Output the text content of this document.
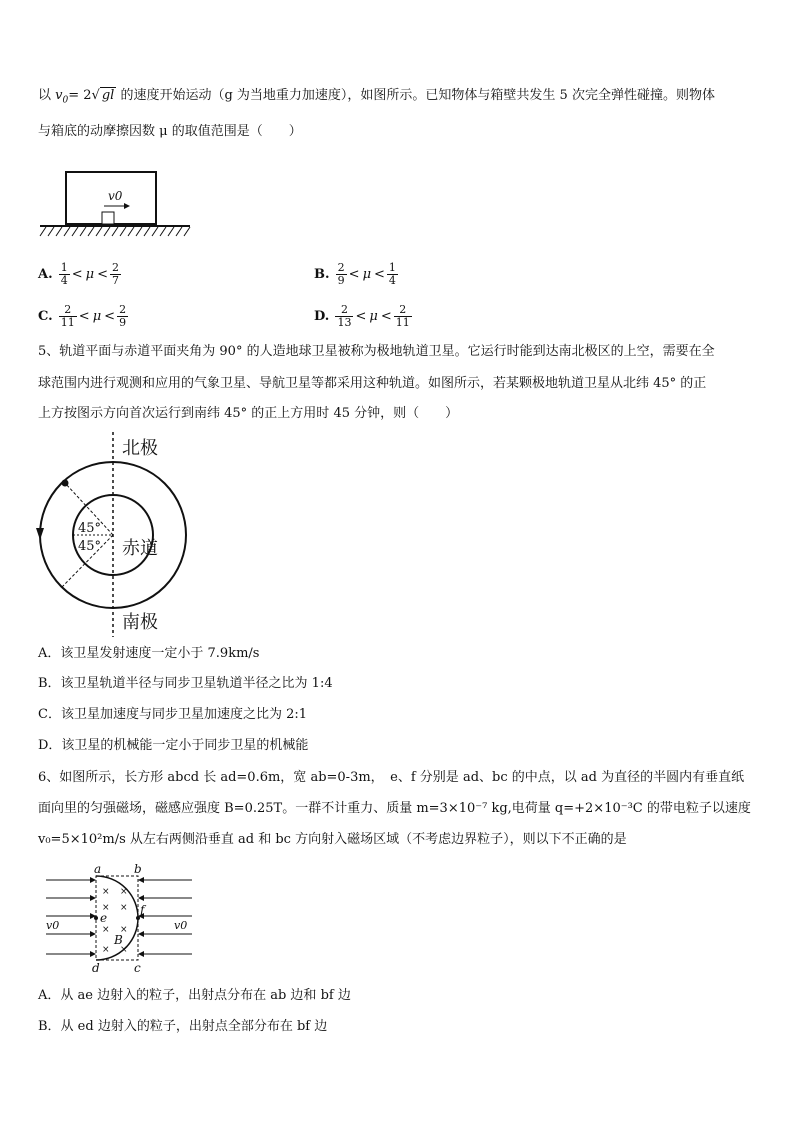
以 $v_0= 2√$ gl 的速度开始运动（g 为当地重力加速度），如图所示。已知物体与箱壁共发生 5 次完全弹性碰撞。则物体
与箱底的动摩擦因数 μ 的取值范围是（　　）
v0
A. $\frac{1}{4} < \mu < \frac{2}{7}$	B. $\frac{2}{9} < \mu < \frac{1}{4}$
C. $\frac{2}{11} < \mu < \frac{2}{9}$	D. $\frac{2}{13} < \mu < \frac{2}{11}$
5、轨道平面与赤道平面夹角为 90° 的人造地球卫星被称为极地轨道卫星。它运行时能到达南北极区的上空，需要在全
球范围内进行观测和应用的气象卫星、导航卫星等都采用这种轨道。如图所示，若某颗极地轨道卫星从北纬 45° 的正
上方按图示方向首次运行到南纬 45° 的正上方用时 45 分钟，则（　　）
北极
南极
赤道
45°
45°
A．该卫星发射速度一定小于 7.9km/s
B．该卫星轨道半径与同步卫星轨道半径之比为 1:4
C．该卫星加速度与同步卫星加速度之比为 2:1
D．该卫星的机械能一定小于同步卫星的机械能
6、如图所示，长方形 abcd 长 ad=0.6m，宽 ab=0-3m，　e、f 分别是 ad、bc 的中点，以 ad 为直径的半圆内有垂直纸
面向里的匀强磁场，磁感应强度 B=0.25T。一群不计重力、质量 m=3×10⁻⁷ kg,电荷量 q=+2×10⁻³C 的带电粒子以速度
v₀=5×10²m/s 从左右两侧沿垂直 ad 和 bc 方向射入磁场区域（不考虑边界粒子），则以下不正确的是
a	b
d	c
e
f
B
v0	v0
× ×
× ×
× ×
× ×
A．从 ae 边射入的粒子，出射点分布在 ab 边和 bf 边
B．从 ed 边射入的粒子，出射点全部分布在 bf 边
